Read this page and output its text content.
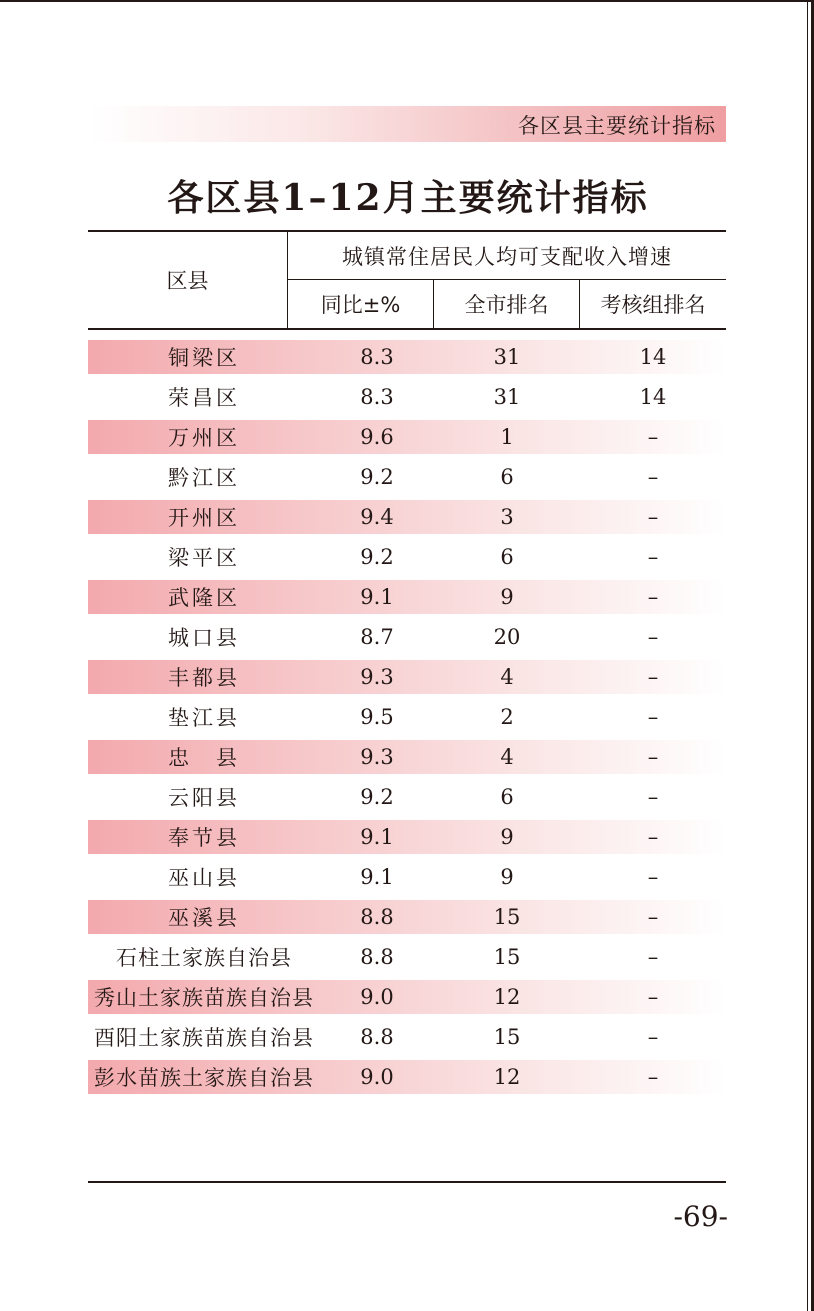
各区县主要统计指标
各区县1–12月主要统计指标
区县
城镇常住居民人均可支配收入增速
同比±%	全市排名	考核组排名
铜梁区	8.3	31	14
荣昌区	8.3	31	14
万州区	9.6	1	–
黔江区	9.2	6	–
开州区	9.4	3	–
梁平区	9.2	6	–
武隆区	9.1	9	–
城口县	8.7	20	–
丰都县	9.3	4	–
垫江县	9.5	2	–
忠　县	9.3	4	–
云阳县	9.2	6	–
奉节县	9.1	9	–
巫山县	9.1	9	–
巫溪县	8.8	15	–
石柱土家族自治县	8.8	15	–
秀山土家族苗族自治县	9.0	12	–
酉阳土家族苗族自治县	8.8	15	–
彭水苗族土家族自治县	9.0	12	–
-69-
